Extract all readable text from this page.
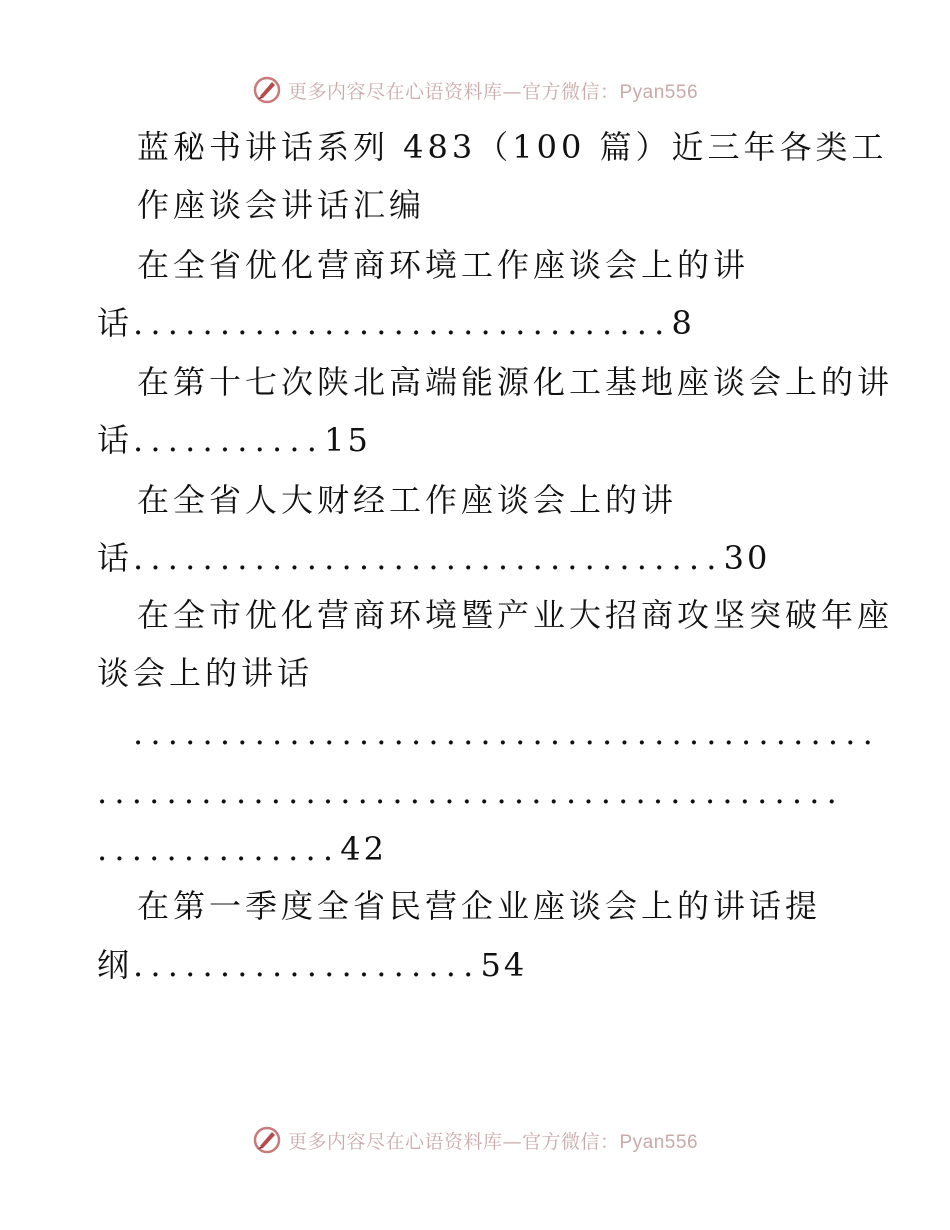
更多内容尽在心语资料库—官方微信：Pyan556
蓝秘书讲话系列 483（100 篇）近三年各类工
作座谈会讲话汇编
在全省优化营商环境工作座谈会上的讲
话...............................8
在第十七次陕北高端能源化工基地座谈会上的讲
话...........15
在全省人大财经工作座谈会上的讲
话..................................30
在全市优化营商环境暨产业大招商攻坚突破年座
谈会上的讲话
...........................................
...........................................
..............42
在第一季度全省民营企业座谈会上的讲话提
纲....................54
更多内容尽在心语资料库—官方微信：Pyan556
